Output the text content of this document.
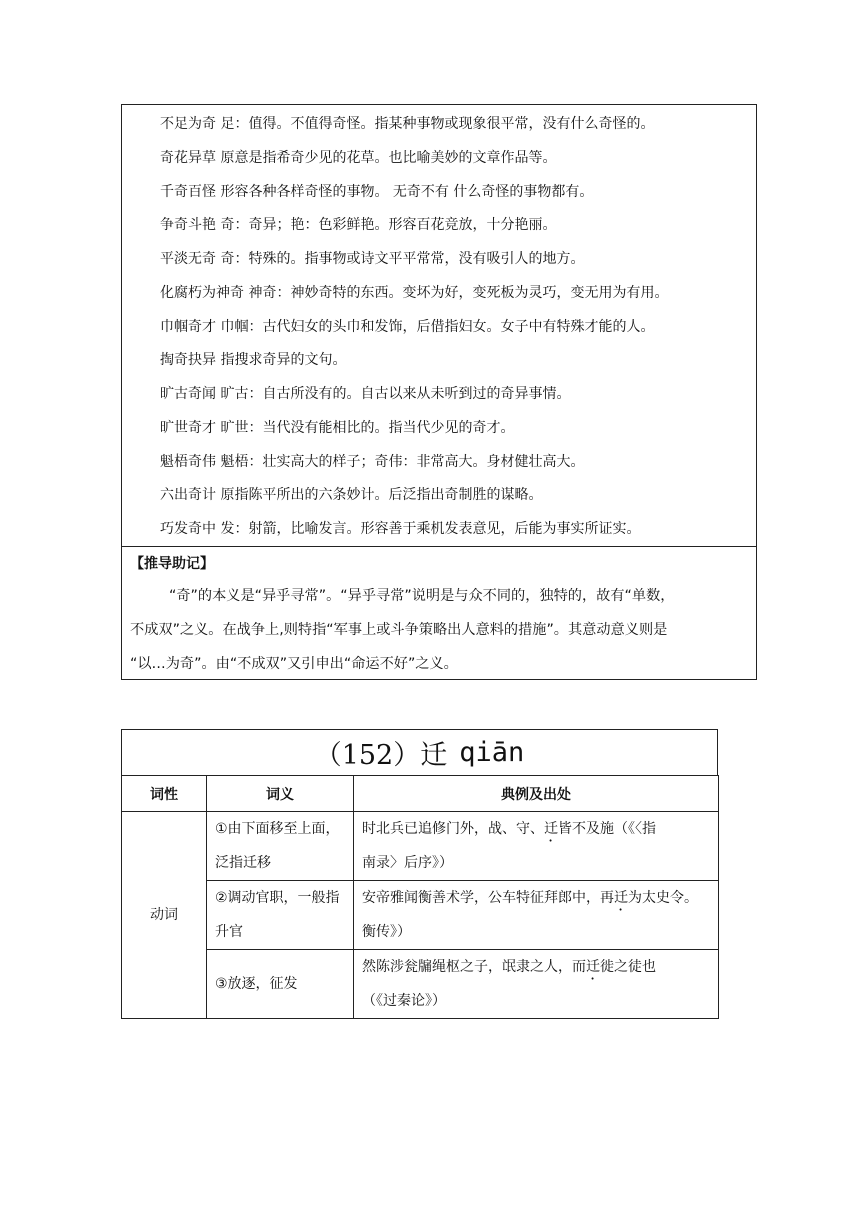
不足为奇 足：值得。不值得奇怪。指某种事物或现象很平常，没有什么奇怪的。
奇花异草 原意是指希奇少见的花草。也比喻美妙的文章作品等。
千奇百怪 形容各种各样奇怪的事物。 无奇不有 什么奇怪的事物都有。
争奇斗艳 奇：奇异；艳：色彩鲜艳。形容百花竞放，十分艳丽。
平淡无奇 奇：特殊的。指事物或诗文平平常常，没有吸引人的地方。
化腐朽为神奇 神奇：神妙奇特的东西。变坏为好，变死板为灵巧，变无用为有用。
巾帼奇才 巾帼：古代妇女的头巾和发饰，后借指妇女。女子中有特殊才能的人。
掏奇抉异 指搜求奇异的文句。
旷古奇闻 旷古：自古所没有的。自古以来从未听到过的奇异事情。
旷世奇才 旷世：当代没有能相比的。指当代少见的奇才。
魁梧奇伟 魁梧：壮实高大的样子；奇伟：非常高大。身材健壮高大。
六出奇计 原指陈平所出的六条妙计。后泛指出奇制胜的谋略。
巧发奇中 发：射箭，比喻发言。形容善于乘机发表意见，后能为事实所证实。
【推导助记】
“奇”的本义是“异乎寻常”。“异乎寻常”说明是与众不同的，独特的，故有“单数，
不成双”之义。在战争上,则特指“军事上或斗争策略出人意料的措施”。其意动意义则是
“以…为奇”。由“不成双”又引申出“命运不好”之义。
（152）迁 qiān
词性	词义	典例及出处
动词	①由下面移至上面，
泛指迁移	时北兵已追修门外，战、守、迁皆不及施（《〈指
南录〉后序》）

	②调动官职，一般指
升官	安帝雅闻衡善术学，公车特征拜郎中，再迁为太史令。
衡传》）

	③放逐，征发	然陈涉瓮牖绳枢之子，氓隶之人，而迁徙之徒也
（《过秦论》）
